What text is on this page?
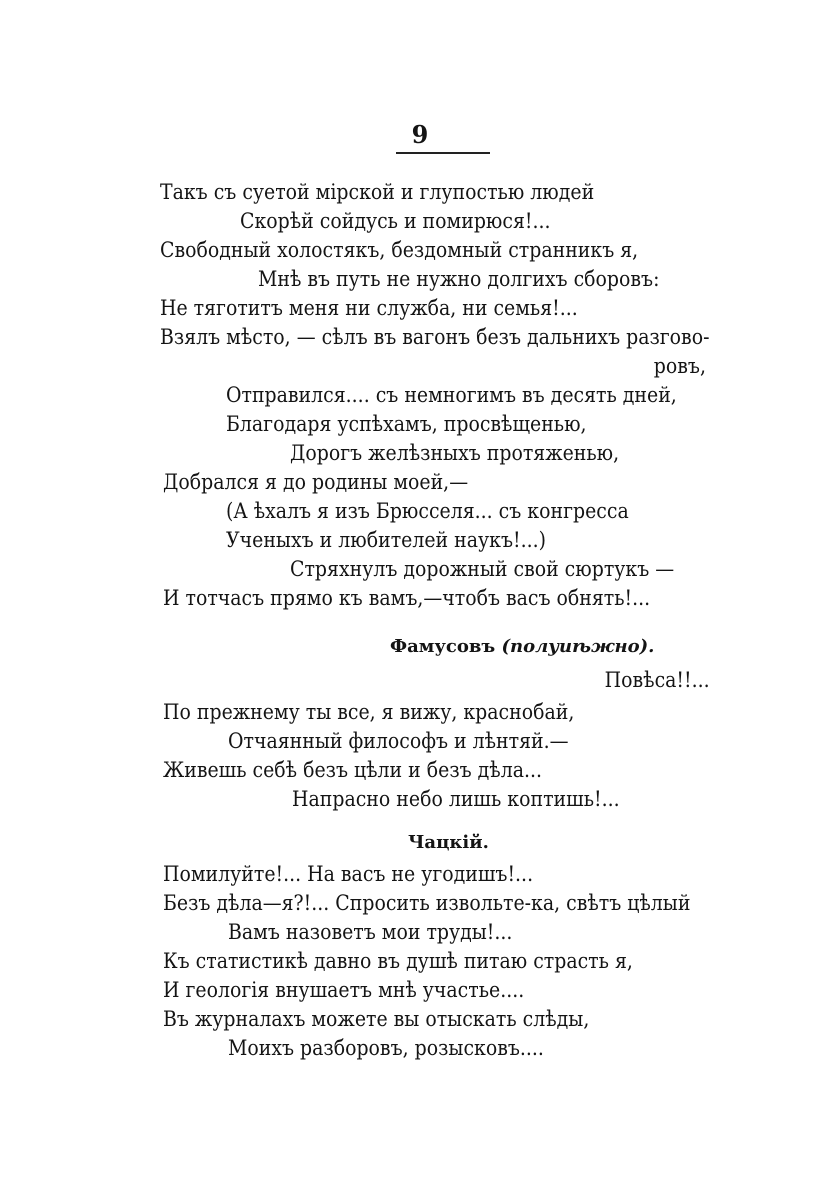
9
Такъ съ суетой мірской и глупостью людей
Скорѣй сойдусь и помирюся!...
Свободный холостякъ, бездомный странникъ я,
Мнѣ въ путь не нужно долгихъ сборовъ:
Не тяготитъ меня ни служба, ни семья!...
Взялъ мѣсто, — сѣлъ въ вагонъ безъ дальнихъ разгово-
ровъ,
Отправился.... съ немногимъ въ десять дней,
Благодаря успѣхамъ, просвѣщенью,
Дорогъ желѣзныхъ протяженью,
Добрался я до родины моей,—
(А ѣхалъ я изъ Брюсселя... съ конгресса
Ученыхъ и любителей наукъ!...)
Стряхнулъ дорожный свой сюртукъ —
И тотчасъ прямо къ вамъ,—чтобъ васъ обнять!...
Фамусовъ (полуиѣжно).
Повѣса!!...
По прежнему ты все, я вижу, краснобай,
Отчаянный философъ и лѣнтяй.—
Живешь себѣ безъ цѣли и безъ дѣла...
Напрасно небо лишь коптишь!...
Чацкій.
Помилуйте!... На васъ не угодишъ!...
Безъ дѣла—я?!... Спросить извольте-ка, свѣтъ цѣлый
Вамъ назоветъ мои труды!...
Къ статистикѣ давно въ душѣ питаю страсть я,
И геологія внушаетъ мнѣ участье....
Въ журналахъ можете вы отыскать слѣды,
Моихъ разборовъ, розысковъ....
